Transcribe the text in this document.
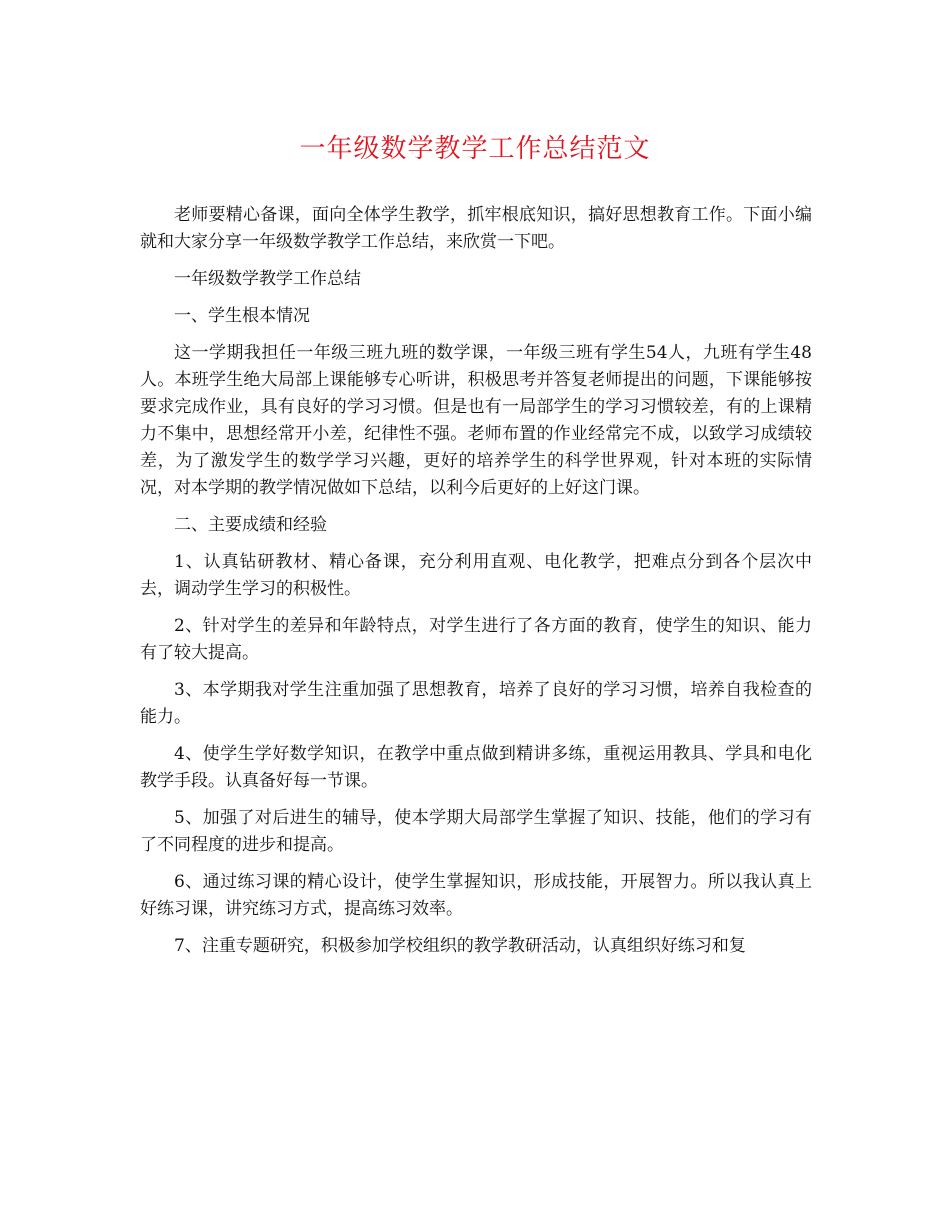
一年级数学教学工作总结范文

老师要精心备课，面向全体学生教学，抓牢根底知识，搞好思想教育工作。下面小编就和大家分享一年级数学教学工作总结，来欣赏一下吧。

一年级数学教学工作总结

一、学生根本情况

这一学期我担任一年级三班九班的数学课，一年级三班有学生54人，九班有学生48人。本班学生绝大局部上课能够专心听讲，积极思考并答复老师提出的问题，下课能够按要求完成作业，具有良好的学习习惯。但是也有一局部学生的学习习惯较差，有的上课精力不集中，思想经常开小差，纪律性不强。老师布置的作业经常完不成，以致学习成绩较差，为了激发学生的数学学习兴趣，更好的培养学生的科学世界观，针对本班的实际情况，对本学期的教学情况做如下总结，以利今后更好的上好这门课。

二、主要成绩和经验

1、认真钻研教材、精心备课，充分利用直观、电化教学，把难点分到各个层次中去，调动学生学习的积极性。

2、针对学生的差异和年龄特点，对学生进行了各方面的教育，使学生的知识、能力有了较大提高。

3、本学期我对学生注重加强了思想教育，培养了良好的学习习惯，培养自我检查的能力。

4、使学生学好数学知识，在教学中重点做到精讲多练，重视运用教具、学具和电化教学手段。认真备好每一节课。

5、加强了对后进生的辅导，使本学期大局部学生掌握了知识、技能，他们的学习有了不同程度的进步和提高。

6、通过练习课的精心设计，使学生掌握知识，形成技能，开展智力。所以我认真上好练习课，讲究练习方式，提高练习效率。

7、注重专题研究，积极参加学校组织的教学教研活动，认真组织好练习和复
